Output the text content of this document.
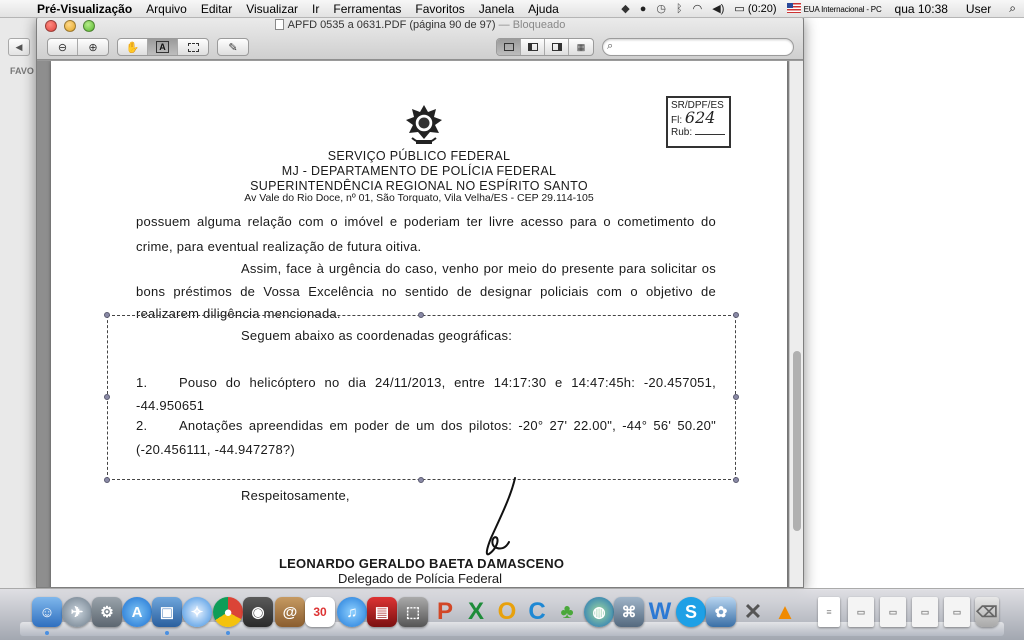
Pré-Visualização	Arquivo	Editar	Visualizar	Ir	Ferramentas	Favoritos	Janela	Ajuda	◆ ● ◷ ᛒ ◠ ◀) ▭ (0:20)	EUA Internacional - PC	qua 10:38	User	⌕
◀
FAVO
APFD 0535 a 0631.PDF (página 90 de 97) — Bloqueado
⊖ ⊕	✋	A	✎	▦ ⌕
SR/DPF/ES
Fl: 624
Rub:
SERVIÇO PÚBLICO FEDERAL
MJ - DEPARTAMENTO DE POLÍCIA FEDERAL
SUPERINTENDÊNCIA REGIONAL NO ESPÍRITO SANTO
Av Vale do Rio Doce, nº 01, São Torquato, Vila Velha/ES - CEP 29.114-105
possuem alguma relação com o imóvel e poderiam ter livre acesso para o cometimento do
crime, para eventual realização de futura oitiva.
Assim, face à urgência do caso, venho por meio do presente para solicitar os
bons préstimos de Vossa Excelência no sentido de designar policiais com o objetivo de
realizarem diligência mencionada.
Seguem abaixo as coordenadas geográficas:
1. Pouso do helicóptero no dia 24/11/2013, entre 14:17:30 e 14:47:45h: -20.457051,
-44.950651
2. Anotações apreendidas em poder de um dos pilotos: -20° 27' 22.00", -44° 56' 50.20"
(-20.456111, -44.947278?)
Respeitosamente,
LEONARDO GERALDO BAETA DAMASCENO
Delegado de Polícia Federal
☺	✈	⚙	A	▣	✧	●	◉	@	30	♫	▤	⬚ P X O C ♣	◍	⌘ W S	✿ ✕ ▲	≡	▭	▭	▭	▭	⌫
